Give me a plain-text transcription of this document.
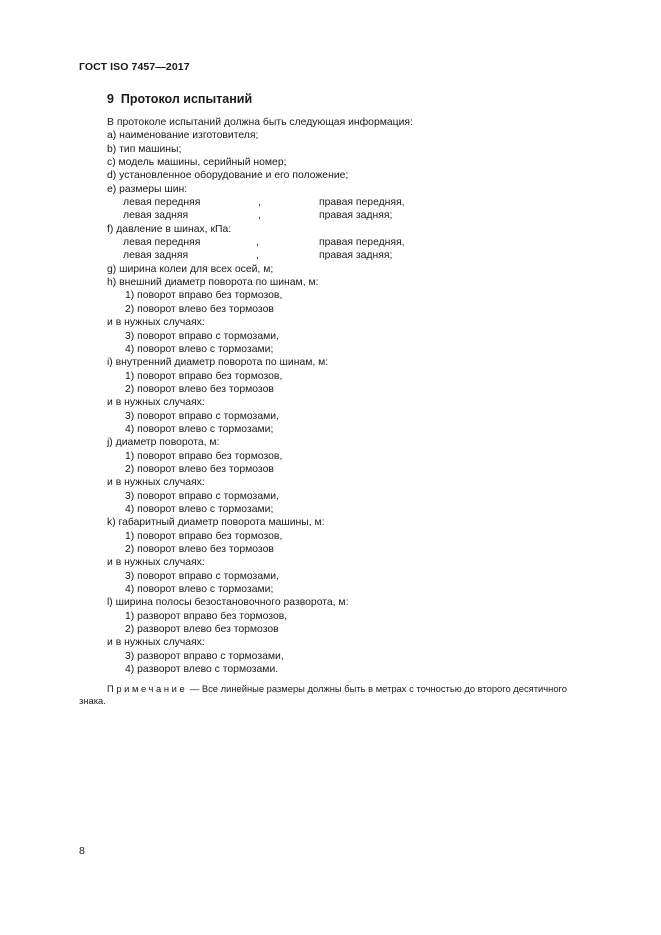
ГОСТ ISO 7457—2017
9 Протокол испытаний
В протоколе испытаний должна быть следующая информация:
а) наименование изготовителя;
b) тип машины;
с) модель машины, серийный номер;
d) установленное оборудование и его положение;
е) размеры шин:
левая передняя	,	правая передняя,
левая задняя	,	правая задняя;
f) давление в шинах, кПа:
левая передняя	,	правая передняя,
левая задняя	,	правая задняя;
g) ширина колеи для всех осей, м;
h) внешний диаметр поворота по шинам, м:
1) поворот вправо без тормозов,
2) поворот влево без тормозов
и в нужных случаях:
3) поворот вправо с тормозами,
4) поворот влево с тормозами;
i) внутренний диаметр поворота по шинам, м:
1) поворот вправо без тормозов,
2) поворот влево без тормозов
и в нужных случаях:
3) поворот вправо с тормозами,
4) поворот влево с тормозами;
j) диаметр поворота, м:
1) поворот вправо без тормозов,
2) поворот влево без тормозов
и в нужных случаях:
3) поворот вправо с тормозами,
4) поворот влево с тормозами;
k) габаритный диаметр поворота машины, м:
1) поворот вправо без тормозов,
2) поворот влево без тормозов
и в нужных случаях:
3) поворот вправо с тормозами,
4) поворот влево с тормозами;
l) ширина полосы безостановочного разворота, м:
1) разворот вправо без тормозов,
2) разворот влево без тормозов
и в нужных случаях:
3) разворот вправо с тормозами,
4) разворот влево с тормозами.
Примечание — Все линейные размеры должны быть в метрах с точностью до второго десятичного
знака.
8
